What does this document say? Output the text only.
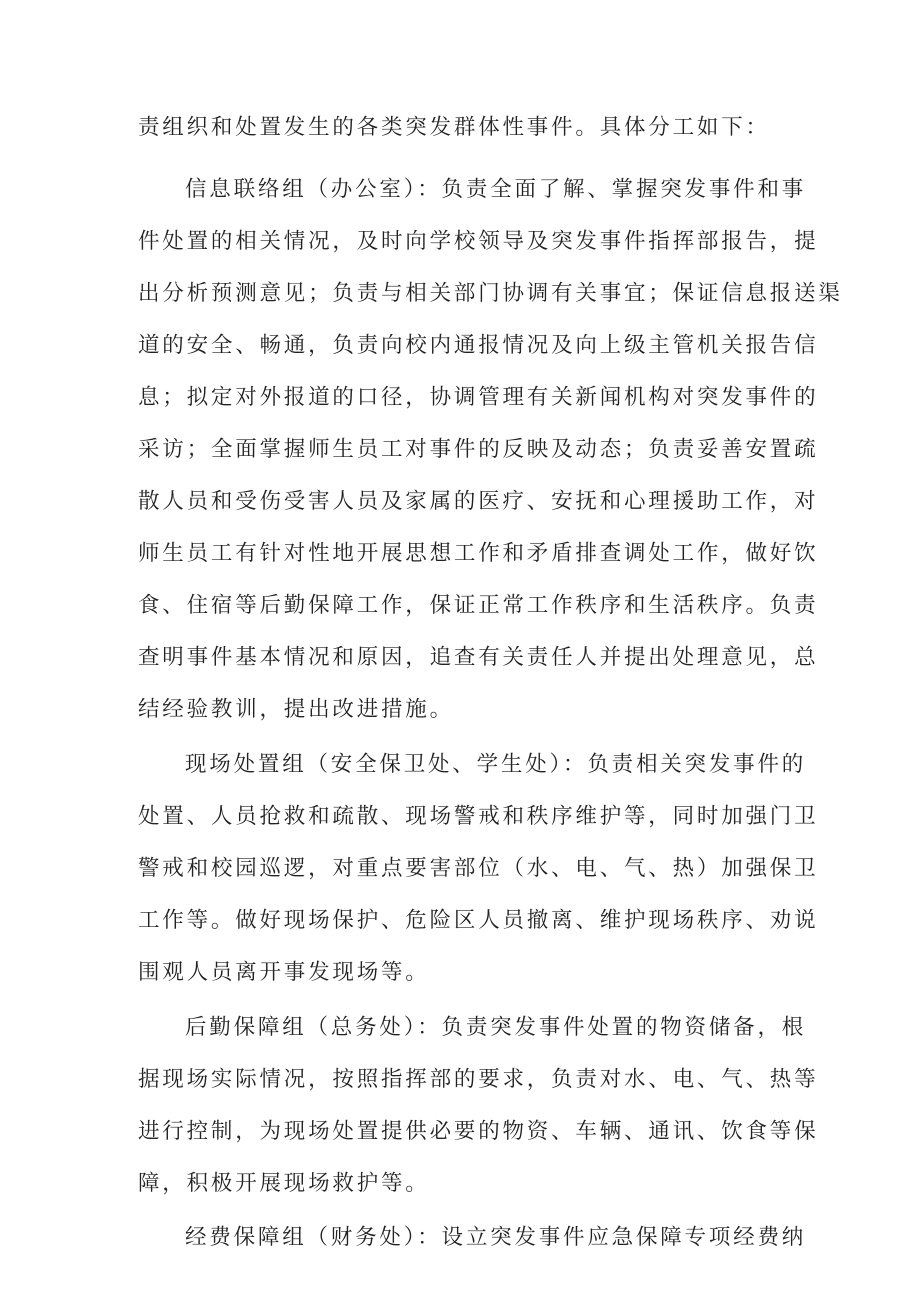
责组织和处置发生的各类突发群体性事件。具体分工如下：
信息联络组（办公室）：负责全面了解、掌握突发事件和事
件处置的相关情况，及时向学校领导及突发事件指挥部报告，提
出分析预测意见；负责与相关部门协调有关事宜；保证信息报送渠
道的安全、畅通，负责向校内通报情况及向上级主管机关报告信
息；拟定对外报道的口径，协调管理有关新闻机构对突发事件的
采访；全面掌握师生员工对事件的反映及动态；负责妥善安置疏
散人员和受伤受害人员及家属的医疗、安抚和心理援助工作，对
师生员工有针对性地开展思想工作和矛盾排查调处工作，做好饮
食、住宿等后勤保障工作，保证正常工作秩序和生活秩序。负责
查明事件基本情况和原因，追查有关责任人并提出处理意见，总
结经验教训，提出改进措施。
现场处置组（安全保卫处、学生处）：负责相关突发事件的
处置、人员抢救和疏散、现场警戒和秩序维护等，同时加强门卫
警戒和校园巡逻，对重点要害部位（水、电、气、热）加强保卫
工作等。做好现场保护、危险区人员撤离、维护现场秩序、劝说
围观人员离开事发现场等。
后勤保障组（总务处）：负责突发事件处置的物资储备，根
据现场实际情况，按照指挥部的要求，负责对水、电、气、热等
进行控制，为现场处置提供必要的物资、车辆、通讯、饮食等保
障，积极开展现场救护等。
经费保障组（财务处）：设立突发事件应急保障专项经费纳
